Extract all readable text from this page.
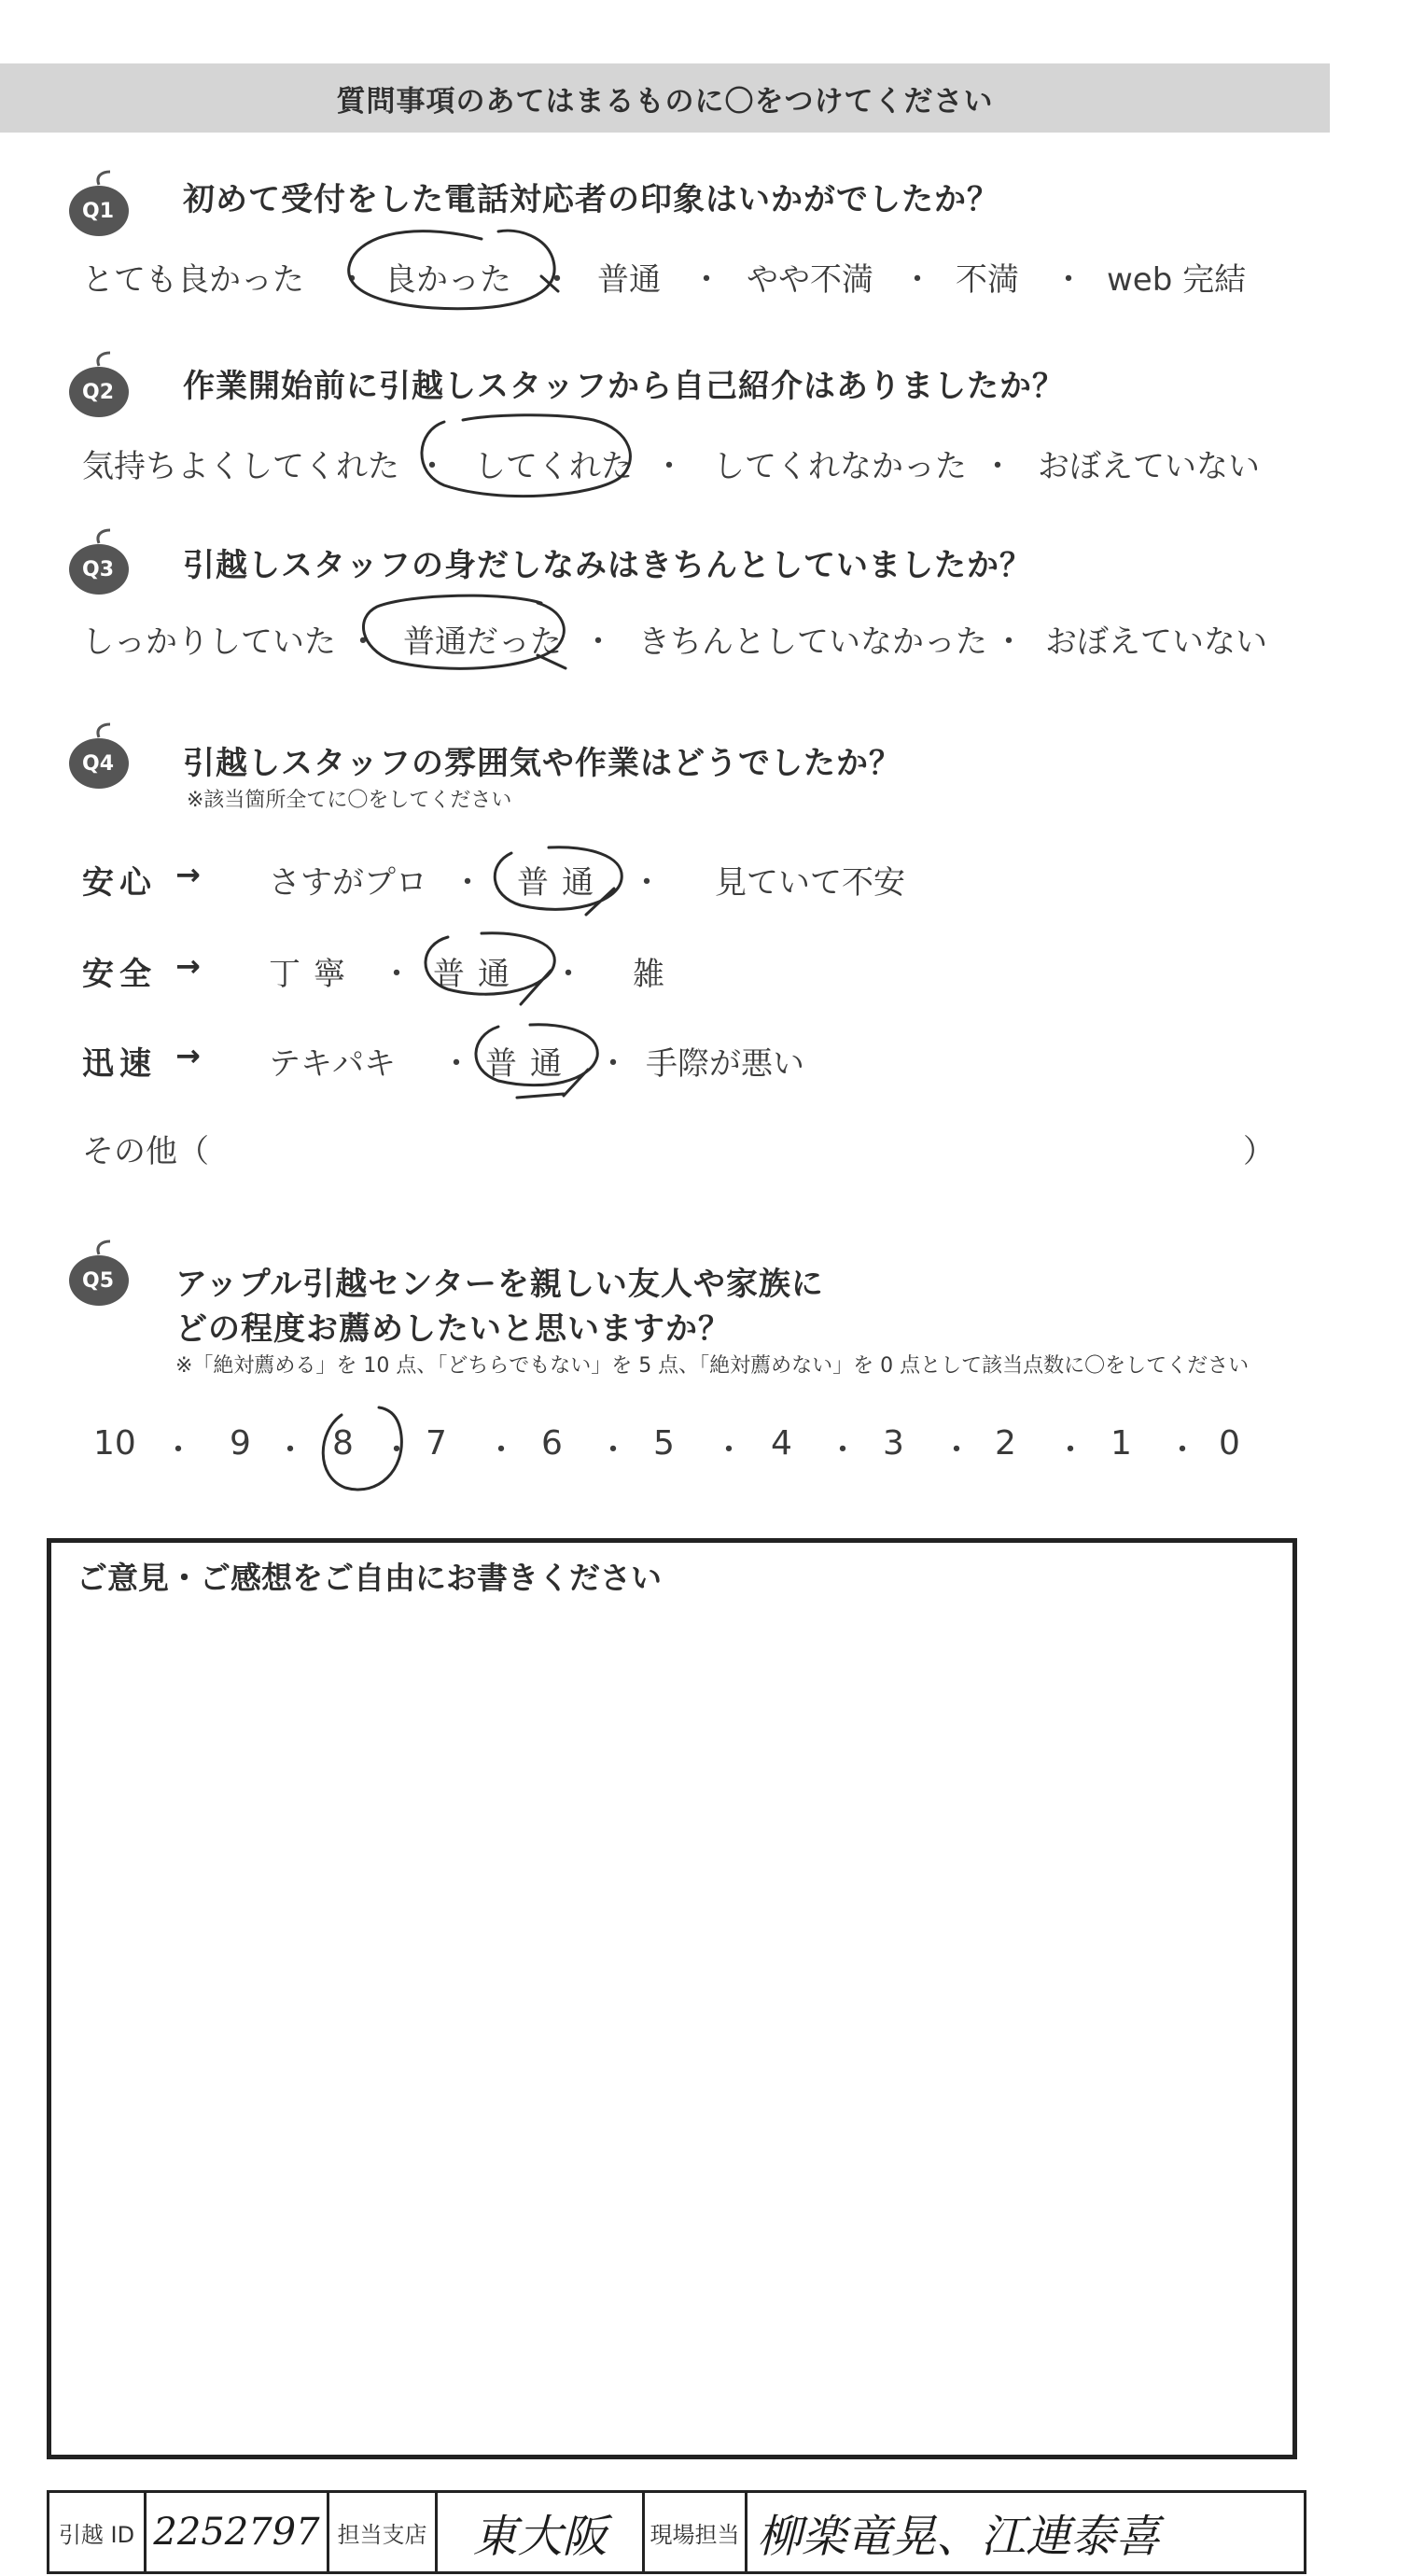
質問事項のあてはまるものに〇をつけてください
Q1 初めて受付をした電話対応者の印象はいかがでしたか？
とても良かった ・ 良かった ・ 普通 ・ やや不満 ・ 不満 ・ web 完結
Q2 作業開始前に引越しスタッフから自己紹介はありましたか？
気持ちよくしてくれた ・ してくれた ・ してくれなかった ・ おぼえていない
Q3 引越しスタッフの身だしなみはきちんとしていましたか？
しっかりしていた ・ 普通だった ・ きちんとしていなかった ・ おぼえていない
Q4 引越しスタッフの雰囲気や作業はどうでしたか？
※該当箇所全てに〇をしてください
安心 → さすがプロ ・ 普通 ・ 見ていて不安
安全 → 丁寧 ・ 普通 ・ 雑
迅速 → テキパキ ・ 普通 ・ 手際が悪い
その他（	）
Q5 アップル引越センターを親しい友人や家族に
どの程度お薦めしたいと思いますか？
※「絶対薦める」を 10 点、「どちらでもない」を 5 点、「絶対薦めない」を 0 点として該当点数に〇をしてください
10 ・ 9 ・ 8 ・ 7 ・ 6 ・ 5 ・ 4 ・ 3 ・ 2 ・ 1 ・ 0
ご意見・ご感想をご自由にお書きください
引越 ID 2252797 担当支店 東大阪 現場担当 柳楽竜晃、江連泰喜
